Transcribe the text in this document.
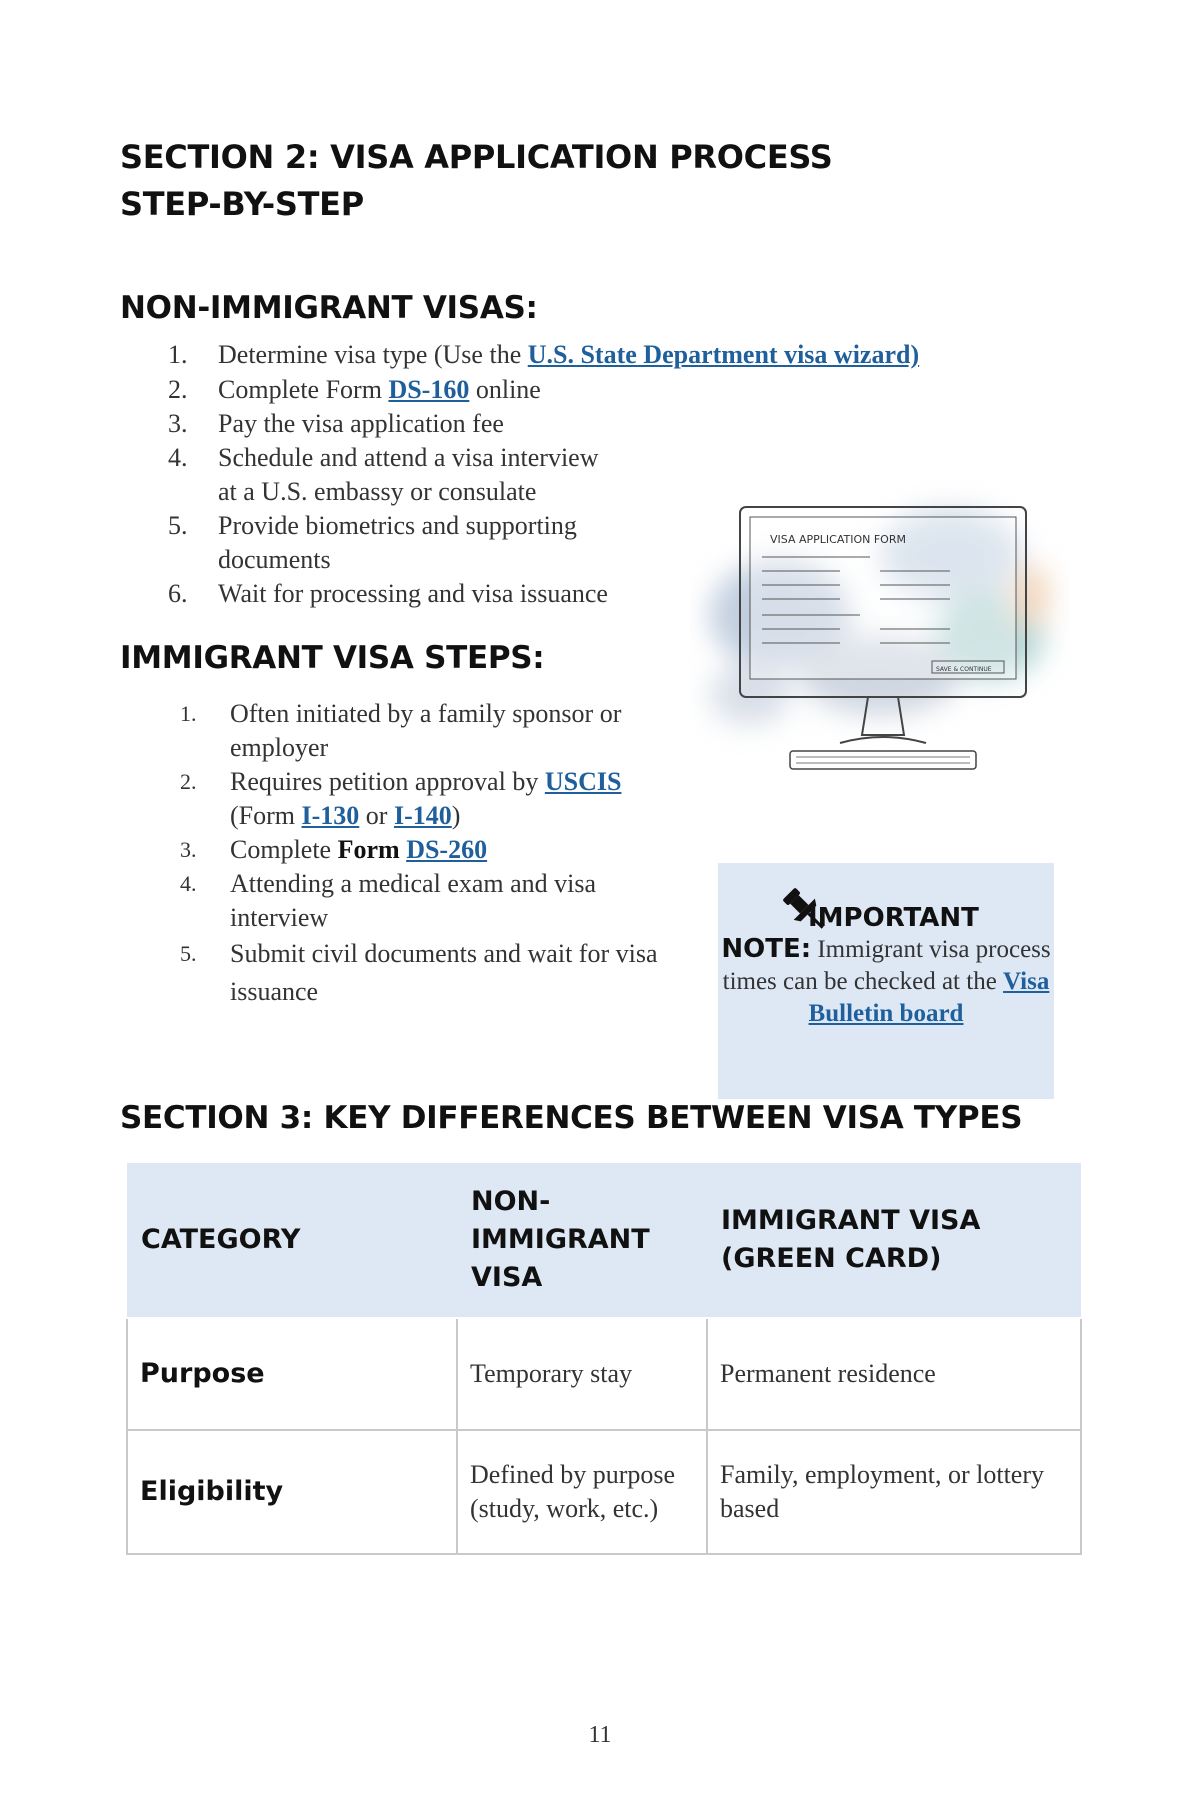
SECTION 2: VISA APPLICATION PROCESS
STEP-BY-STEP
NON-IMMIGRANT VISAS:
1. Determine visa type (Use the U.S. State Department visa wizard)
2. Complete Form DS-160 online
3. Pay the visa application fee
4. Schedule and attend a visa interview at a U.S. embassy or consulate
5. Provide biometrics and supporting documents
6. Wait for processing and visa issuance
VISA APPLICATION FORM
SAVE & CONTINUE
IMMIGRANT VISA STEPS:
1. Often initiated by a family sponsor or employer
2. Requires petition approval by USCIS (Form I-130 or I-140)
3. Complete Form DS-260
4. Attending a medical exam and visa interview
5. Submit civil documents and wait for visa issuance
IMPORTANT
NOTE: Immigrant visa process times can be checked at the Visa Bulletin board
SECTION 3: KEY DIFFERENCES BETWEEN VISA TYPES
CATEGORY	NON-IMMIGRANT VISA	IMMIGRANT VISA (GREEN CARD)
Purpose	Temporary stay	Permanent residence
Eligibility	Defined by purpose (study, work, etc.)	Family, employment, or lottery based
11
